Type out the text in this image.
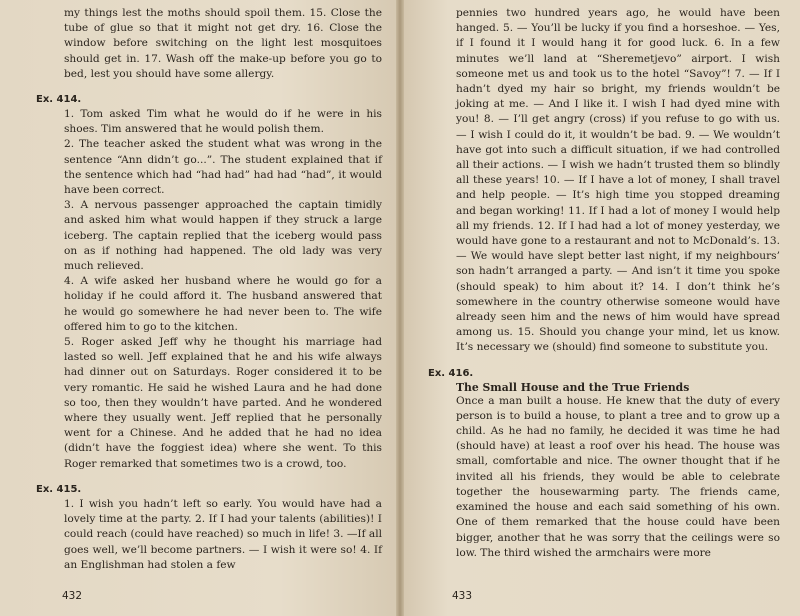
my things lest the moths should spoil them. 15. Close the tube of glue so that it might not get dry. 16. Close the window before switching on the light lest mosquitoes should get in. 17. Wash off the make-up before you go to bed, lest you should have some allergy.

Ex. 414.

1. Tom asked Tim what he would do if he were in his shoes. Tim answered that he would polish them.

2. The teacher asked the student what was wrong in the sentence “Ann didn’t go...”. The student explained that if the sentence which had “had had” had had “had”, it would have been correct.

3. A nervous passenger approached the captain timidly and asked him what would happen if they struck a large iceberg. The captain replied that the iceberg would pass on as if nothing had happened. The old lady was very much relieved.

4. A wife asked her husband where he would go for a holiday if he could afford it. The husband answered that he would go somewhere he had never been to. The wife offered him to go to the kitchen.

5. Roger asked Jeff why he thought his marriage had lasted so well. Jeff explained that he and his wife always had dinner out on Saturdays. Roger considered it to be very romantic. He said he wished Laura and he had done so too, then they wouldn’t have parted. And he wondered where they usually went. Jeff replied that he personally went for a Chinese. And he added that he had no idea (didn’t have the foggiest idea) where she went. To this Roger remarked that sometimes two is a crowd, too.

Ex. 415.

1. I wish you hadn’t left so early. You would have had a lovely time at the party. 2. If I had your talents (abilities)! I could reach (could have reached) so much in life! 3. —If all goes well, we’ll become partners. — I wish it were so! 4. If an Englishman had stolen a few

432

pennies two hundred years ago, he would have been hanged. 5. — You’ll be lucky if you find a horseshoe. — Yes, if I found it I would hang it for good luck. 6. In a few minutes we’ll land at “Sheremetjevo” airport. I wish someone met us and took us to the hotel “Savoy”! 7. — If I hadn’t dyed my hair so bright, my friends wouldn’t be joking at me. — And I like it. I wish I had dyed mine with you! 8. — I’ll get angry (cross) if you refuse to go with us. — I wish I could do it, it wouldn’t be bad. 9. — We wouldn’t have got into such a difficult situation, if we had controlled all their actions. — I wish we hadn’t trusted them so blindly all these years! 10. — If I have a lot of money, I shall travel and help people. — It’s high time you stopped dreaming and began working! 11. If I had a lot of money I would help all my friends. 12. If I had had a lot of money yesterday, we would have gone to a restaurant and not to McDonald’s. 13. — We would have slept better last night, if my neighbours’ son hadn’t arranged a party. — And isn’t it time you spoke (should speak) to him about it? 14. I don’t think he’s somewhere in the country otherwise someone would have already seen him and the news of him would have spread among us. 15. Should you change your mind, let us know. It’s necessary we (should) find someone to substitute you.

Ex. 416.
The Small House and the True Friends

Once a man built a house. He knew that the duty of every person is to build a house, to plant a tree and to grow up a child. As he had no family, he decided it was time he had (should have) at least a roof over his head. The house was small, comfortable and nice. The owner thought that if he invited all his friends, they would be able to celebrate together the housewarming party. The friends came, examined the house and each said something of his own. One of them remarked that the house could have been bigger, another that he was sorry that the ceilings were so low. The third wished the armchairs were more

433
